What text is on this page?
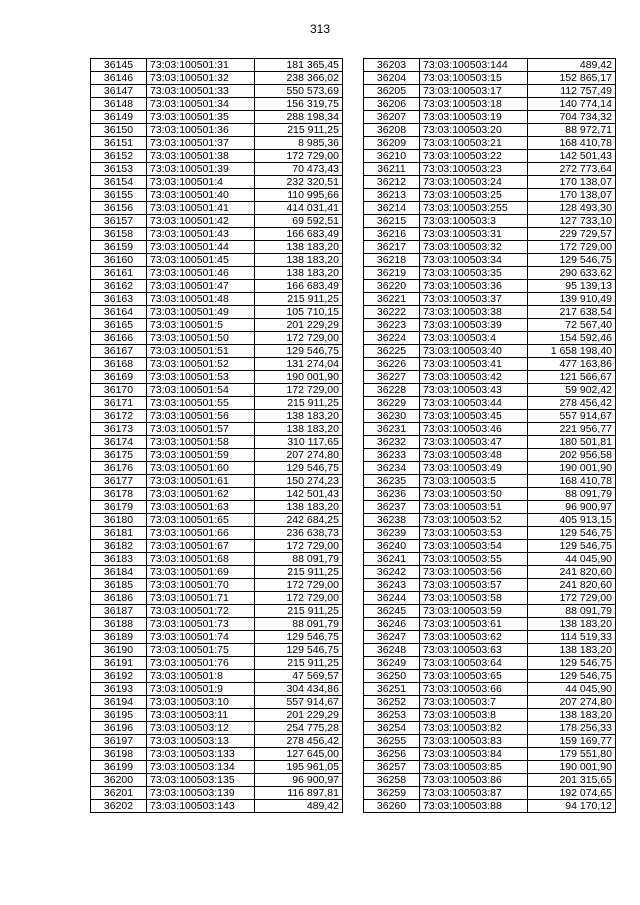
313
36145	73:03:100501:31	181 365,45
36146	73:03:100501:32	238 366,02
36147	73:03:100501:33	550 573,69
36148	73:03:100501:34	156 319,75
36149	73:03:100501:35	288 198,34
36150	73:03:100501:36	215 911,25
36151	73:03:100501:37	8 985,36
36152	73:03:100501:38	172 729,00
36153	73:03:100501:39	70 473,43
36154	73:03:100501:4	232 320,51
36155	73:03:100501:40	110 995,66
36156	73:03:100501:41	414 031,41
36157	73:03:100501:42	69 592,51
36158	73:03:100501:43	166 683,49
36159	73:03:100501:44	138 183,20
36160	73:03:100501:45	138 183,20
36161	73:03:100501:46	138 183,20
36162	73:03:100501:47	166 683,49
36163	73:03:100501:48	215 911,25
36164	73:03:100501:49	105 710,15
36165	73:03:100501:5	201 229,29
36166	73:03:100501:50	172 729,00
36167	73:03:100501:51	129 546,75
36168	73:03:100501:52	131 274,04
36169	73:03:100501:53	190 001,90
36170	73:03:100501:54	172 729,00
36171	73:03:100501:55	215 911,25
36172	73:03:100501:56	138 183,20
36173	73:03:100501:57	138 183,20
36174	73:03:100501:58	310 117,65
36175	73:03:100501:59	207 274,80
36176	73:03:100501:60	129 546,75
36177	73:03:100501:61	150 274,23
36178	73:03:100501:62	142 501,43
36179	73:03:100501:63	138 183,20
36180	73:03:100501:65	242 684,25
36181	73:03:100501:66	236 638,73
36182	73:03:100501:67	172 729,00
36183	73:03:100501:68	88 091,79
36184	73:03:100501:69	215 911,25
36185	73:03:100501:70	172 729,00
36186	73:03:100501:71	172 729,00
36187	73:03:100501:72	215 911,25
36188	73:03:100501:73	88 091,79
36189	73:03:100501:74	129 546,75
36190	73:03:100501:75	129 546,75
36191	73:03:100501:76	215 911,25
36192	73:03:100501:8	47 569,57
36193	73:03:100501:9	304 434,86
36194	73:03:100503:10	557 914,67
36195	73:03:100503:11	201 229,29
36196	73:03:100503:12	254 775,28
36197	73:03:100503:13	278 456,42
36198	73:03:100503:133	127 645,00
36199	73:03:100503:134	195 961,05
36200	73:03:100503:135	96 900,97
36201	73:03:100503:139	116 897,81
36202	73:03:100503:143	489,42
36203	73:03:100503:144	489,42
36204	73:03:100503:15	152 865,17
36205	73:03:100503:17	112 757,49
36206	73:03:100503:18	140 774,14
36207	73:03:100503:19	704 734,32
36208	73:03:100503:20	88 972,71
36209	73:03:100503:21	168 410,78
36210	73:03:100503:22	142 501,43
36211	73:03:100503:23	272 773,64
36212	73:03:100503:24	170 138,07
36213	73:03:100503:25	170 138,07
36214	73:03:100503:255	128 493,30
36215	73:03:100503:3	127 733,10
36216	73:03:100503:31	229 729,57
36217	73:03:100503:32	172 729,00
36218	73:03:100503:34	129 546,75
36219	73:03:100503:35	290 633,62
36220	73:03:100503:36	95 139,13
36221	73:03:100503:37	139 910,49
36222	73:03:100503:38	217 638,54
36223	73:03:100503:39	72 567,40
36224	73:03:100503:4	154 592,46
36225	73:03:100503:40	1 658 198,40
36226	73:03:100503:41	477 163,86
36227	73:03:100503:42	121 566,67
36228	73:03:100503:43	59 902,42
36229	73:03:100503:44	278 456,42
36230	73:03:100503:45	557 914,67
36231	73:03:100503:46	221 956,77
36232	73:03:100503:47	180 501,81
36233	73:03:100503:48	202 956,58
36234	73:03:100503:49	190 001,90
36235	73:03:100503:5	168 410,78
36236	73:03:100503:50	88 091,79
36237	73:03:100503:51	96 900,97
36238	73:03:100503:52	405 913,15
36239	73:03:100503:53	129 546,75
36240	73:03:100503:54	129 546,75
36241	73:03:100503:55	44 045,90
36242	73:03:100503:56	241 820,60
36243	73:03:100503:57	241 820,60
36244	73:03:100503:58	172 729,00
36245	73:03:100503:59	88 091,79
36246	73:03:100503:61	138 183,20
36247	73:03:100503:62	114 519,33
36248	73:03:100503:63	138 183,20
36249	73:03:100503:64	129 546,75
36250	73:03:100503:65	129 546,75
36251	73:03:100503:66	44 045,90
36252	73:03:100503:7	207 274,80
36253	73:03:100503:8	138 183,20
36254	73:03:100503:82	178 256,33
36255	73:03:100503:83	159 169,77
36256	73:03:100503:84	179 551,80
36257	73:03:100503:85	190 001,90
36258	73:03:100503:86	201 315,65
36259	73:03:100503:87	192 074,65
36260	73:03:100503:88	94 170,12
